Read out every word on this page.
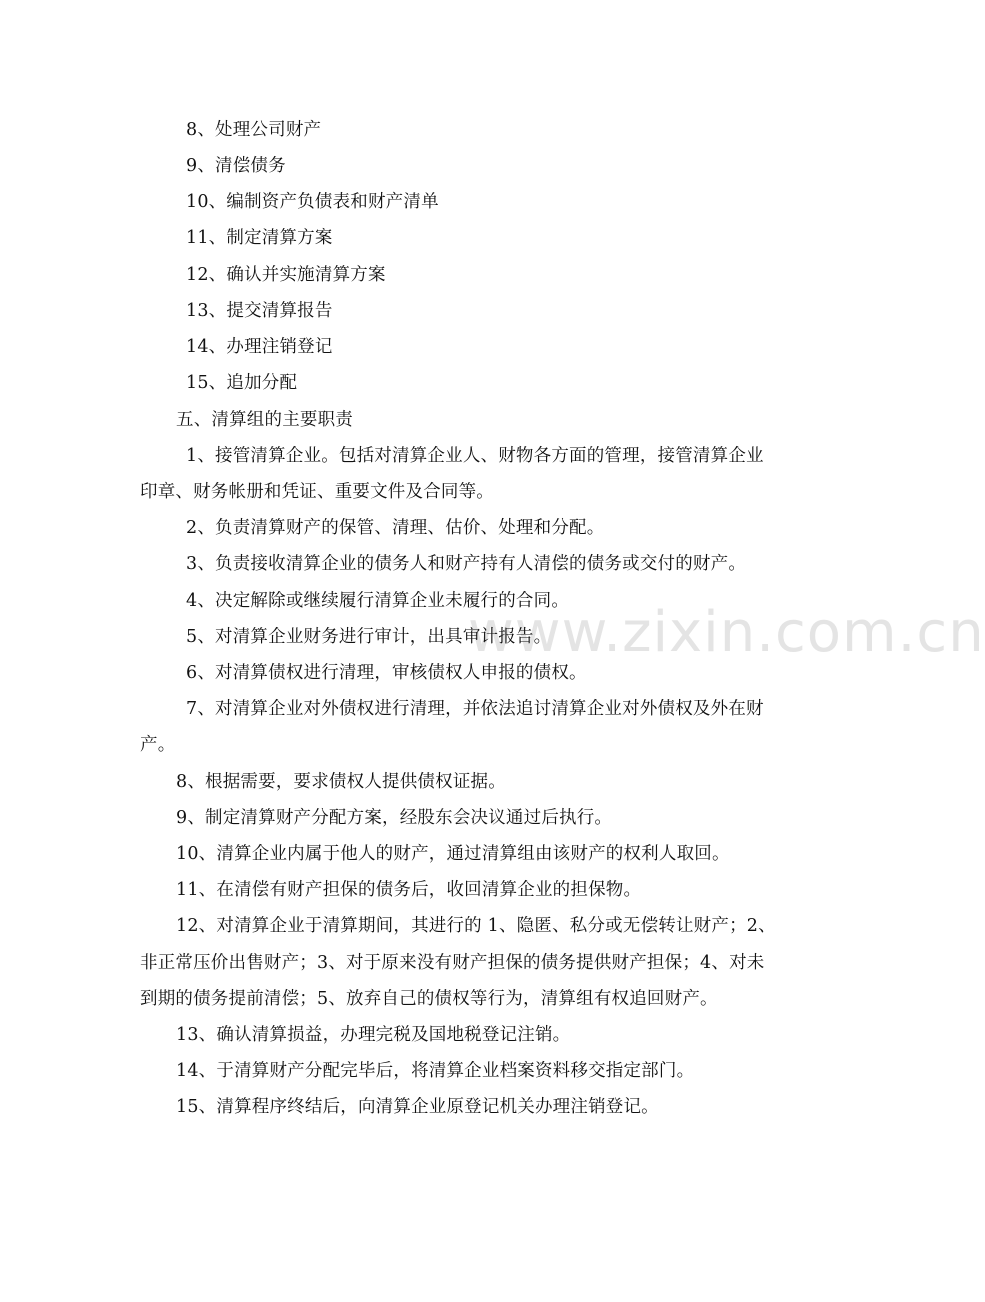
www.zixin.com.cn
8、处理公司财产
9、清偿债务
10、编制资产负债表和财产清单
11、制定清算方案
12、确认并实施清算方案
13、提交清算报告
14、办理注销登记
15、追加分配
五、清算组的主要职责
1、接管清算企业。包括对清算企业人、财物各方面的管理，接管清算企业
印章、财务帐册和凭证、重要文件及合同等。
2、负责清算财产的保管、清理、估价、处理和分配。
3、负责接收清算企业的债务人和财产持有人清偿的债务或交付的财产。
4、决定解除或继续履行清算企业未履行的合同。
5、对清算企业财务进行审计，出具审计报告。
6、对清算债权进行清理，审核债权人申报的债权。
7、对清算企业对外债权进行清理，并依法追讨清算企业对外债权及外在财
产。
8、根据需要，要求债权人提供债权证据。
9、制定清算财产分配方案，经股东会决议通过后执行。
10、清算企业内属于他人的财产，通过清算组由该财产的权利人取回。
11、在清偿有财产担保的债务后，收回清算企业的担保物。
12、对清算企业于清算期间，其进行的 1、隐匿、私分或无偿转让财产；2、
非正常压价出售财产；3、对于原来没有财产担保的债务提供财产担保；4、对未
到期的债务提前清偿；5、放弃自己的债权等行为，清算组有权追回财产。
13、确认清算损益，办理完税及国地税登记注销。
14、于清算财产分配完毕后，将清算企业档案资料移交指定部门。
15、清算程序终结后，向清算企业原登记机关办理注销登记。
